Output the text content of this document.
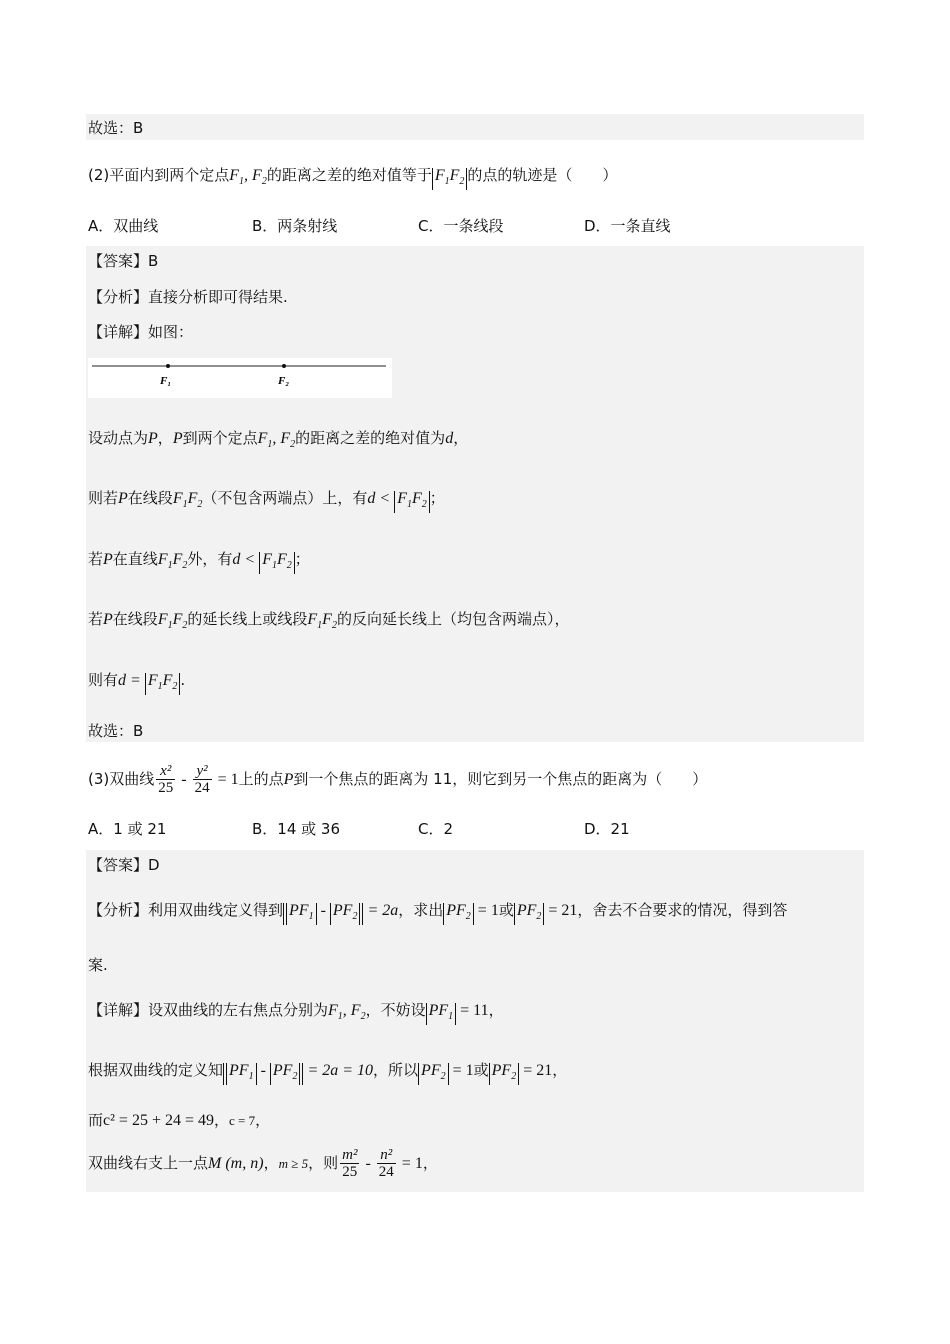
故选：B
(2)平面内到两个定点$F_1$, $F_2$的距离之差的绝对值等于 $F_1F_2$ 的点的轨迹是（　　）
A．双曲线	B．两条射线	C．一条线段	D．一条直线
【答案】B
【分析】直接分析即可得结果.
【详解】如图：
F₁	F₂
设动点为P，P到两个定点$F_1$, $F_2$的距离之差的绝对值为d，
则若P在线段$F_1F_2$（不包含两端点）上，有$d < F_1F_2$ ；
若P在直线$F_1F_2$外，有$d < F_1F_2$ ；
若P在线段$F_1F_2$的延长线上或线段$F_1F_2$的反向延长线上（均包含两端点），
则有$d = F_1F_2$ .
故选：B
(3)双曲线 $\frac{\text{x²}}{25} - \frac{\text{y²}}{24} = 1$上的点P到一个焦点的距离为 11，则它到另一个焦点的距离为（　　）
A．1 或 21	B．14 或 36	C．2	D．21
【答案】D
【分析】利用双曲线定义得到 $PF_1 - PF_2 = 2a$，求出 $PF_2 = 1$或 $PF_2 = 21$，舍去不合要求的情况，得到答
案.
【详解】设双曲线的左右焦点分别为$F_1$, $F_2$，不妨设 $PF_1 = 11$，
根据双曲线的定义知 $PF_1 - PF_2 = 2a = 10$，所以 $PF_2 = 1$或 $PF_2 = 21$，
而c² = 25 + 24 = 49，c = 7，
双曲线右支上一点M (m, n)，m ≥ 5，则 $\frac{\text{m²}}{25} - \frac{\text{n²}}{24} = 1$，
